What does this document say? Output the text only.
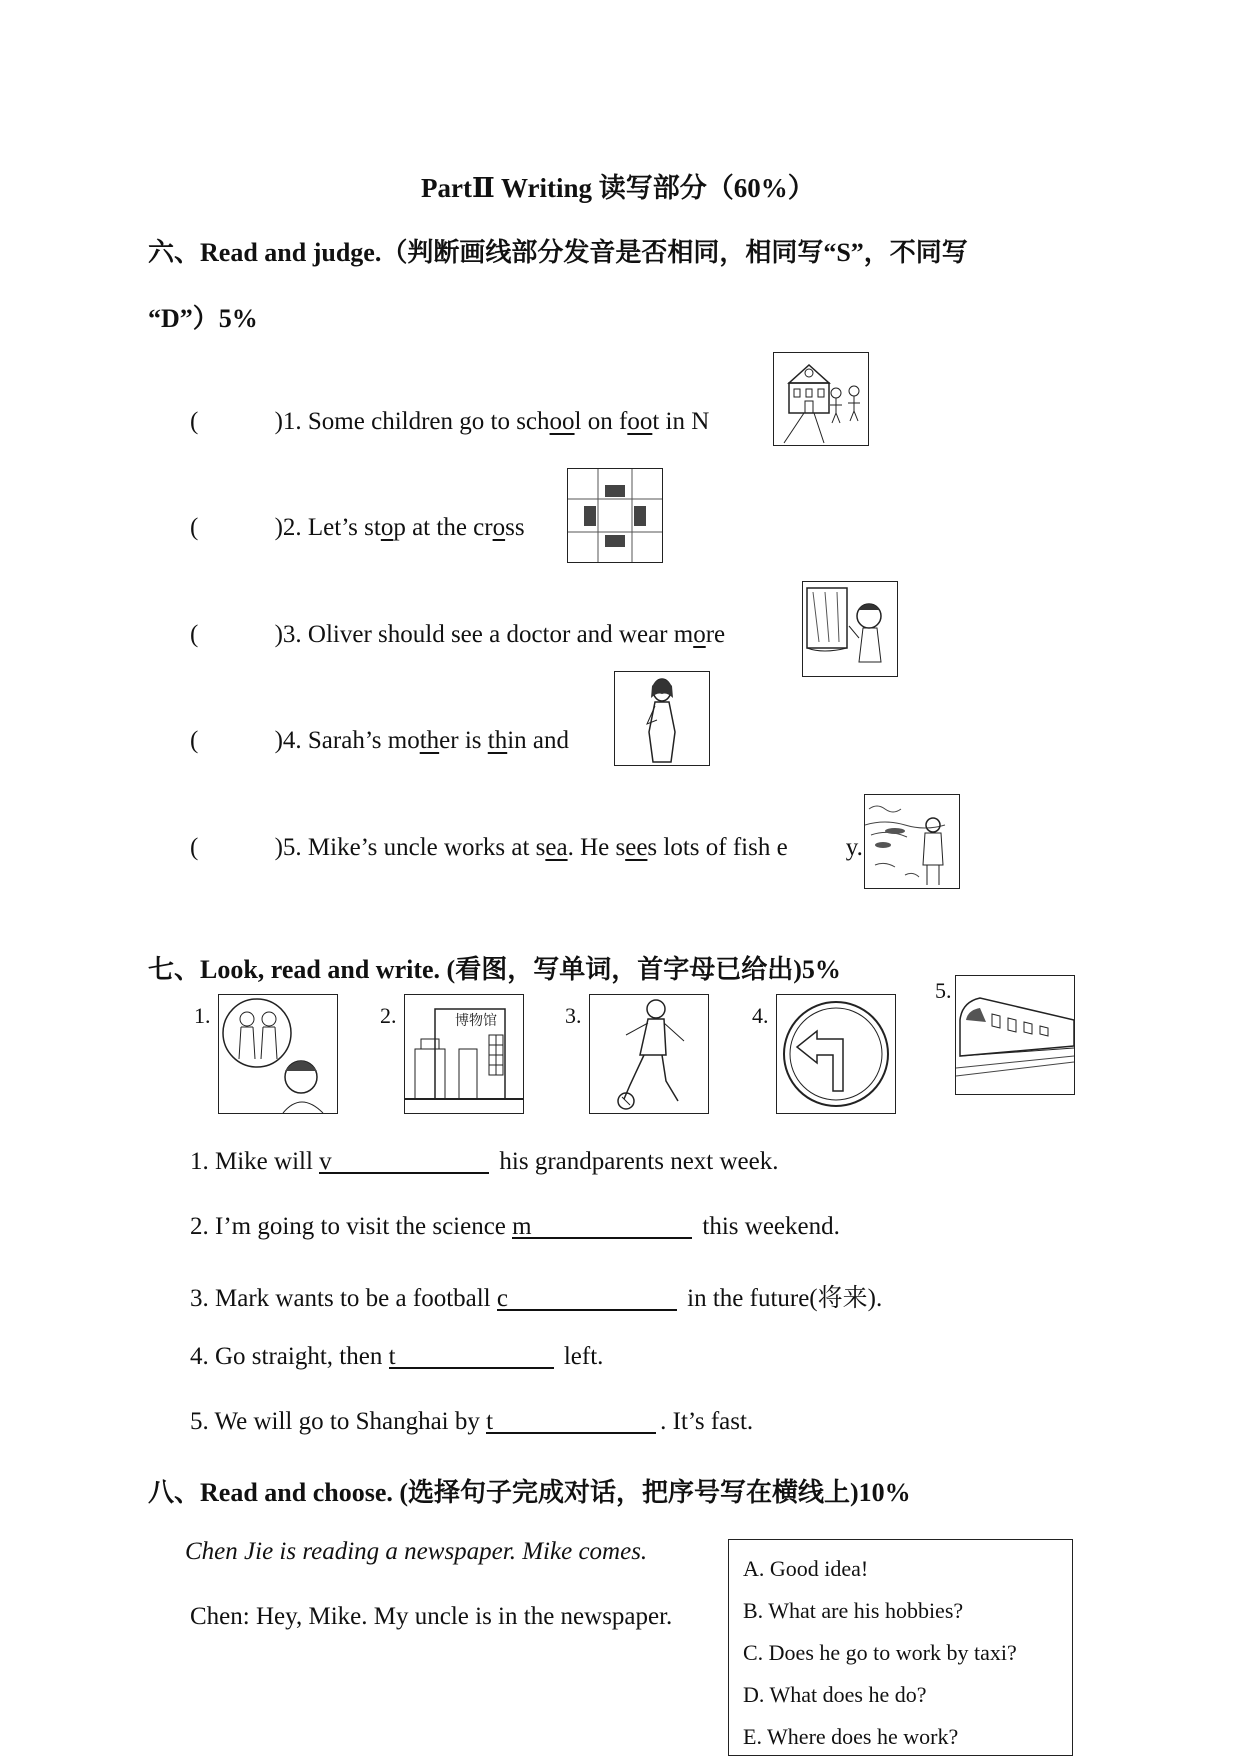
PartⅡ Writing 读写部分（60%）
六、Read and judge.（判断画线部分发音是否相同，相同写“S”，不同写
“D”）5%
(	)1. Some children go to school on foot in N
(	)2. Let’s stop at the cross
(	)3. Oliver should see a doctor and wear more
(	)4. Sarah’s mother is thin and
(	)5. Mike’s uncle works at sea. He sees lots of fish e y.
七、Look, read and write. (看图，写单词，首字母已给出)5%
1.	2.	博物馆	3.	4.
5.
1. Mike will v	his grandparents next week.
2. I’m going to visit the science m	this weekend.
3. Mark wants to be a football c	in the future(将来).
4. Go straight, then t	left.
5. We will go to Shanghai by t	. It’s fast.
八、Read and choose. (选择句子完成对话，把序号写在横线上)10%
Chen Jie is reading a newspaper. Mike comes.
Chen: Hey, Mike. My uncle is in the newspaper.
A. Good idea!
B. What are his hobbies?
C. Does he go to work by taxi?
D. What does he do?
E. Where does he work?
